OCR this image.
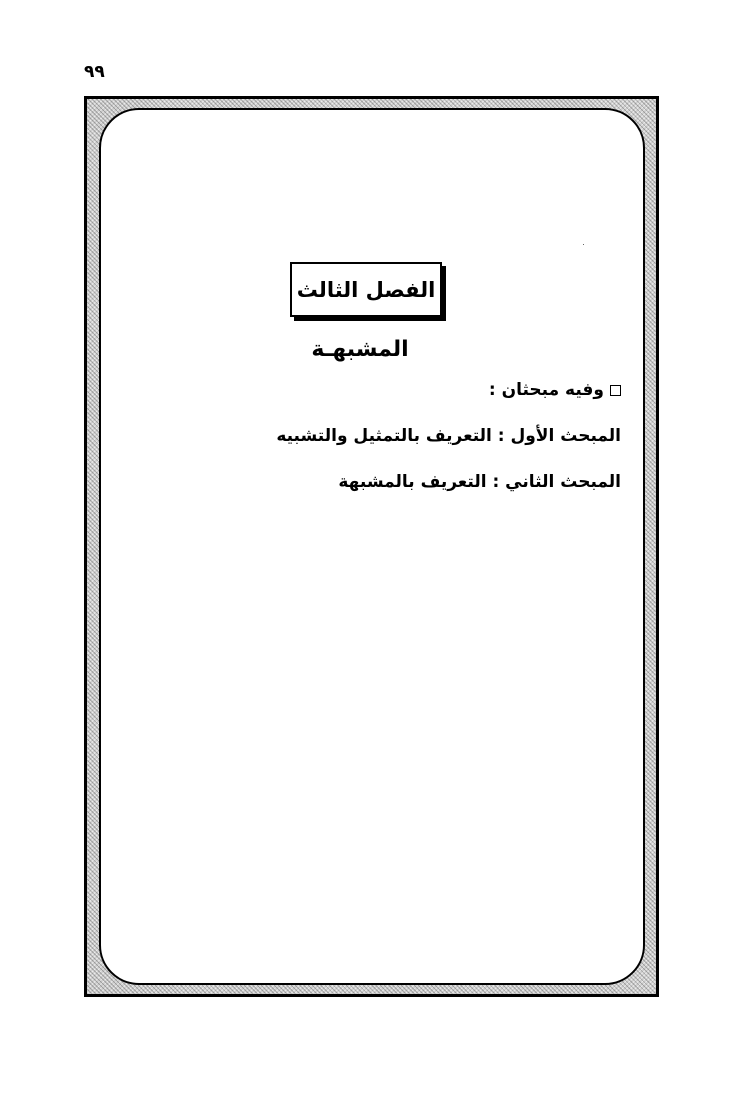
٩٩
الفصل الثالث
المشبهـة
وفيه مبحثان :
المبحث الأول : التعريف بالتمثيل والتشبيه
المبحث الثاني : التعريف بالمشبهة
